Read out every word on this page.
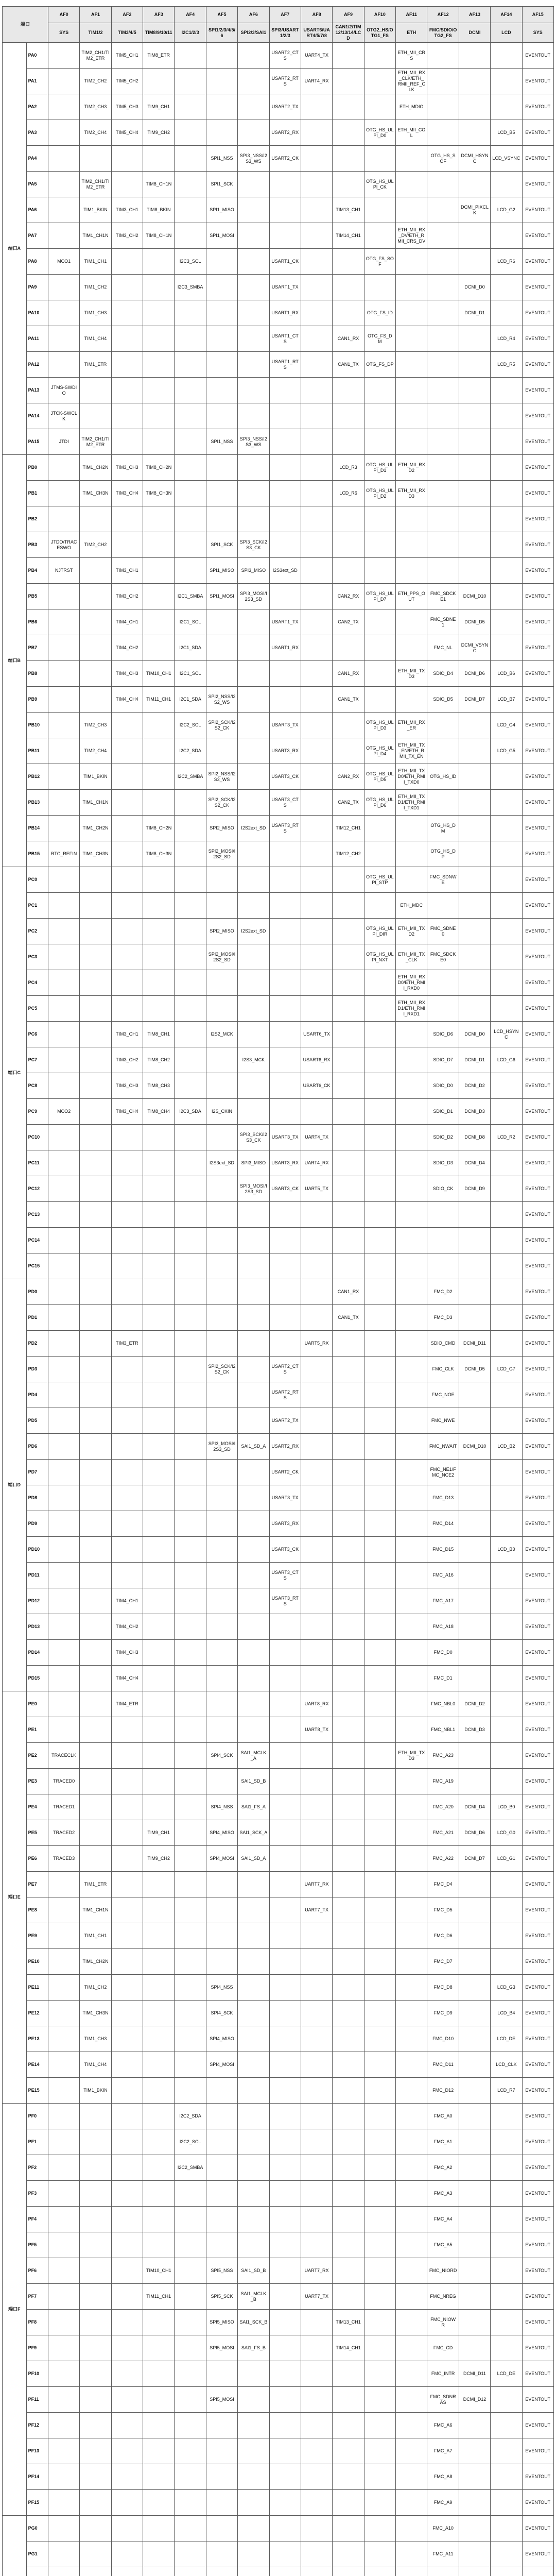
端口		AF0	AF1	AF2	AF3	AF4	AF5	AF6	AF7	AF8	AF9	AF10	AF11	AF12	AF13	AF14	AF15
		SYS	TIM1/2	TIM3/4/5	TIM8/9/10/11	I2C1/2/3	SPI1/2/3/4/5/6	SPI2/3/SAI1	SPI3/USART1/2/3	USART6/UART4/5/7/8	CAN1/2/TIM12/13/14/LCD	OTG2_HS/OTG1_FS	ETH	FMC/SDIO/OTG2_FS	DCMI	LCD	SYS
端口A	PA0		TIM2_CH1/TIM2_ETR	TIM5_CH1	TIM8_ETR				USART2_CTS	UART4_TX			ETH_MII_CRS				EVENTOUT
	PA1		TIM2_CH2	TIM5_CH2					USART2_RTS	UART4_RX			ETH_MII_RX_CLK/ETH_RMII_REF_CLK				EVENTOUT
	PA2		TIM2_CH3	TIM5_CH3	TIM9_CH1				USART2_TX				ETH_MDIO				EVENTOUT
	PA3		TIM2_CH4	TIM5_CH4	TIM9_CH2				USART2_RX			OTG_HS_ULPI_D0	ETH_MII_COL			LCD_B5	EVENTOUT
	PA4						SPI1_NSS	SPI3_NSS/I2S3_WS	USART2_CK					OTG_HS_SOF	DCMI_HSYNC	LCD_VSYNC	EVENTOUT
	PA5		TIM2_CH1/TIM2_ETR		TIM8_CH1N		SPI1_SCK					OTG_HS_ULPI_CK					EVENTOUT
	PA6		TIM1_BKIN	TIM3_CH1	TIM8_BKIN		SPI1_MISO				TIM13_CH1				DCMI_PIXCLK	LCD_G2	EVENTOUT
	PA7		TIM1_CH1N	TIM3_CH2	TIM8_CH1N		SPI1_MOSI				TIM14_CH1		ETH_MII_RX_DV/ETH_RMII_CRS_DV				EVENTOUT
	PA8	MCO1	TIM1_CH1			I2C3_SCL			USART1_CK			OTG_FS_SOF				LCD_R6	EVENTOUT
	PA9		TIM1_CH2			I2C3_SMBA			USART1_TX						DCMI_D0		EVENTOUT
	PA10		TIM1_CH3						USART1_RX			OTG_FS_ID			DCMI_D1		EVENTOUT
	PA11		TIM1_CH4						USART1_CTS		CAN1_RX	OTG_FS_DM				LCD_R4	EVENTOUT
	PA12		TIM1_ETR						USART1_RTS		CAN1_TX	OTG_FS_DP				LCD_R5	EVENTOUT
	PA13	JTMS-SWDIO															EVENTOUT
	PA14	JTCK-SWCLK															EVENTOUT
	PA15	JTDI	TIM2_CH1/TIM2_ETR				SPI1_NSS	SPI3_NSS/I2S3_WS									EVENTOUT
端口B	PB0		TIM1_CH2N	TIM3_CH3	TIM8_CH2N						LCD_R3	OTG_HS_ULPI_D1	ETH_MII_RXD2				EVENTOUT
	PB1		TIM1_CH3N	TIM3_CH4	TIM8_CH3N						LCD_R6	OTG_HS_ULPI_D2	ETH_MII_RXD3				EVENTOUT
	PB2																EVENTOUT
	PB3	JTDO/TRACESWO	TIM2_CH2				SPI1_SCK	SPI3_SCK/I2S3_CK									EVENTOUT
	PB4	NJTRST		TIM3_CH1			SPI1_MISO	SPI3_MISO	I2S3ext_SD								EVENTOUT
	PB5			TIM3_CH2		I2C1_SMBA	SPI1_MOSI	SPI3_MOSI/I2S3_SD			CAN2_RX	OTG_HS_ULPI_D7	ETH_PPS_OUT	FMC_SDCKE1	DCMI_D10		EVENTOUT
	PB6			TIM4_CH1		I2C1_SCL			USART1_TX		CAN2_TX			FMC_SDNE1	DCMI_D5		EVENTOUT
	PB7			TIM4_CH2		I2C1_SDA			USART1_RX					FMC_NL	DCMI_VSYNC		EVENTOUT
	PB8			TIM4_CH3	TIM10_CH1	I2C1_SCL					CAN1_RX		ETH_MII_TXD3	SDIO_D4	DCMI_D6	LCD_B6	EVENTOUT
	PB9			TIM4_CH4	TIM11_CH1	I2C1_SDA	SPI2_NSS/I2S2_WS				CAN1_TX			SDIO_D5	DCMI_D7	LCD_B7	EVENTOUT
	PB10		TIM2_CH3			I2C2_SCL	SPI2_SCK/I2S2_CK		USART3_TX			OTG_HS_ULPI_D3	ETH_MII_RX_ER			LCD_G4	EVENTOUT
	PB11		TIM2_CH4			I2C2_SDA			USART3_RX			OTG_HS_ULPI_D4	ETH_MII_TX_EN/ETH_RMII_TX_EN			LCD_G5	EVENTOUT
	PB12		TIM1_BKIN			I2C2_SMBA	SPI2_NSS/I2S2_WS		USART3_CK		CAN2_RX	OTG_HS_ULPI_D5	ETH_MII_TXD0/ETH_RMII_TXD0	OTG_HS_ID			EVENTOUT
	PB13		TIM1_CH1N				SPI2_SCK/I2S2_CK		USART3_CTS		CAN2_TX	OTG_HS_ULPI_D6	ETH_MII_TXD1/ETH_RMII_TXD1				EVENTOUT
	PB14		TIM1_CH2N		TIM8_CH2N		SPI2_MISO	I2S2ext_SD	USART3_RTS		TIM12_CH1			OTG_HS_DM			EVENTOUT
	PB15	RTC_REFIN	TIM1_CH3N		TIM8_CH3N		SPI2_MOSI/I2S2_SD				TIM12_CH2			OTG_HS_DP			EVENTOUT
端口C	PC0											OTG_HS_ULPI_STP		FMC_SDNWE			EVENTOUT
	PC1												ETH_MDC				EVENTOUT
	PC2						SPI2_MISO	I2S2ext_SD				OTG_HS_ULPI_DIR	ETH_MII_TXD2	FMC_SDNE0			EVENTOUT
	PC3						SPI2_MOSI/I2S2_SD					OTG_HS_ULPI_NXT	ETH_MII_TX_CLK	FMC_SDCKE0			EVENTOUT
	PC4												ETH_MII_RXD0/ETH_RMII_RXD0				EVENTOUT
	PC5												ETH_MII_RXD1/ETH_RMII_RXD1				EVENTOUT
	PC6			TIM3_CH1	TIM8_CH1		I2S2_MCK			USART6_TX				SDIO_D6	DCMI_D0	LCD_HSYNC	EVENTOUT
	PC7			TIM3_CH2	TIM8_CH2			I2S3_MCK		USART6_RX				SDIO_D7	DCMI_D1	LCD_G6	EVENTOUT
	PC8			TIM3_CH3	TIM8_CH3					USART6_CK				SDIO_D0	DCMI_D2		EVENTOUT
	PC9	MCO2		TIM3_CH4	TIM8_CH4	I2C3_SDA	I2S_CKIN							SDIO_D1	DCMI_D3		EVENTOUT
	PC10							SPI3_SCK/I2S3_CK	USART3_TX	UART4_TX				SDIO_D2	DCMI_D8	LCD_R2	EVENTOUT
	PC11						I2S3ext_SD	SPI3_MISO	USART3_RX	UART4_RX				SDIO_D3	DCMI_D4		EVENTOUT
	PC12							SPI3_MOSI/I2S3_SD	USART3_CK	UART5_TX				SDIO_CK	DCMI_D9		EVENTOUT
	PC13																EVENTOUT
	PC14																EVENTOUT
	PC15																EVENTOUT
端口D	PD0										CAN1_RX			FMC_D2			EVENTOUT
	PD1										CAN1_TX			FMC_D3			EVENTOUT
	PD2			TIM3_ETR						UART5_RX				SDIO_CMD	DCMI_D11		EVENTOUT
	PD3						SPI2_SCK/I2S2_CK		USART2_CTS					FMC_CLK	DCMI_D5	LCD_G7	EVENTOUT
	PD4								USART2_RTS					FMC_NOE			EVENTOUT
	PD5								USART2_TX					FMC_NWE			EVENTOUT
	PD6						SPI3_MOSI/I2S3_SD	SAI1_SD_A	USART2_RX					FMC_NWAIT	DCMI_D10	LCD_B2	EVENTOUT
	PD7								USART2_CK					FMC_NE1/FMC_NCE2			EVENTOUT
	PD8								USART3_TX					FMC_D13			EVENTOUT
	PD9								USART3_RX					FMC_D14			EVENTOUT
	PD10								USART3_CK					FMC_D15		LCD_B3	EVENTOUT
	PD11								USART3_CTS					FMC_A16			EVENTOUT
	PD12			TIM4_CH1					USART3_RTS					FMC_A17			EVENTOUT
	PD13			TIM4_CH2										FMC_A18			EVENTOUT
	PD14			TIM4_CH3										FMC_D0			EVENTOUT
	PD15			TIM4_CH4										FMC_D1			EVENTOUT
端口E	PE0			TIM4_ETR						UART8_RX				FMC_NBL0	DCMI_D2		EVENTOUT
	PE1									UART8_TX				FMC_NBL1	DCMI_D3		EVENTOUT
	PE2	TRACECLK					SPI4_SCK	SAI1_MCLK_A					ETH_MII_TXD3	FMC_A23			EVENTOUT
	PE3	TRACED0						SAI1_SD_B						FMC_A19			EVENTOUT
	PE4	TRACED1					SPI4_NSS	SAI1_FS_A						FMC_A20	DCMI_D4	LCD_B0	EVENTOUT
	PE5	TRACED2			TIM9_CH1		SPI4_MISO	SAI1_SCK_A						FMC_A21	DCMI_D6	LCD_G0	EVENTOUT
	PE6	TRACED3			TIM9_CH2		SPI4_MOSI	SAI1_SD_A						FMC_A22	DCMI_D7	LCD_G1	EVENTOUT
	PE7		TIM1_ETR							UART7_RX				FMC_D4			EVENTOUT
	PE8		TIM1_CH1N							UART7_TX				FMC_D5			EVENTOUT
	PE9		TIM1_CH1											FMC_D6			EVENTOUT
	PE10		TIM1_CH2N											FMC_D7			EVENTOUT
	PE11		TIM1_CH2				SPI4_NSS							FMC_D8		LCD_G3	EVENTOUT
	PE12		TIM1_CH3N				SPI4_SCK							FMC_D9		LCD_B4	EVENTOUT
	PE13		TIM1_CH3				SPI4_MISO							FMC_D10		LCD_DE	EVENTOUT
	PE14		TIM1_CH4				SPI4_MOSI							FMC_D11		LCD_CLK	EVENTOUT
	PE15		TIM1_BKIN											FMC_D12		LCD_R7	EVENTOUT
端口F	PF0					I2C2_SDA								FMC_A0			EVENTOUT
	PF1					I2C2_SCL								FMC_A1			EVENTOUT
	PF2					I2C2_SMBA								FMC_A2			EVENTOUT
	PF3													FMC_A3			EVENTOUT
	PF4													FMC_A4			EVENTOUT
	PF5													FMC_A5			EVENTOUT
	PF6				TIM10_CH1		SPI5_NSS	SAI1_SD_B		UART7_RX				FMC_NIORD			EVENTOUT
	PF7				TIM11_CH1		SPI5_SCK	SAI1_MCLK_B		UART7_TX				FMC_NREG			EVENTOUT
	PF8						SPI5_MISO	SAI1_SCK_B			TIM13_CH1			FMC_NIOWR			EVENTOUT
	PF9						SPI5_MOSI	SAI1_FS_B			TIM14_CH1			FMC_CD			EVENTOUT
	PF10													FMC_INTR	DCMI_D11	LCD_DE	EVENTOUT
	PF11						SPI5_MOSI							FMC_SDNRAS	DCMI_D12		EVENTOUT
	PF12													FMC_A6			EVENTOUT
	PF13													FMC_A7			EVENTOUT
	PF14													FMC_A8			EVENTOUT
	PF15													FMC_A9			EVENTOUT
	PG0													FMC_A10			EVENTOUT
	PG1													FMC_A11			EVENTOUT
